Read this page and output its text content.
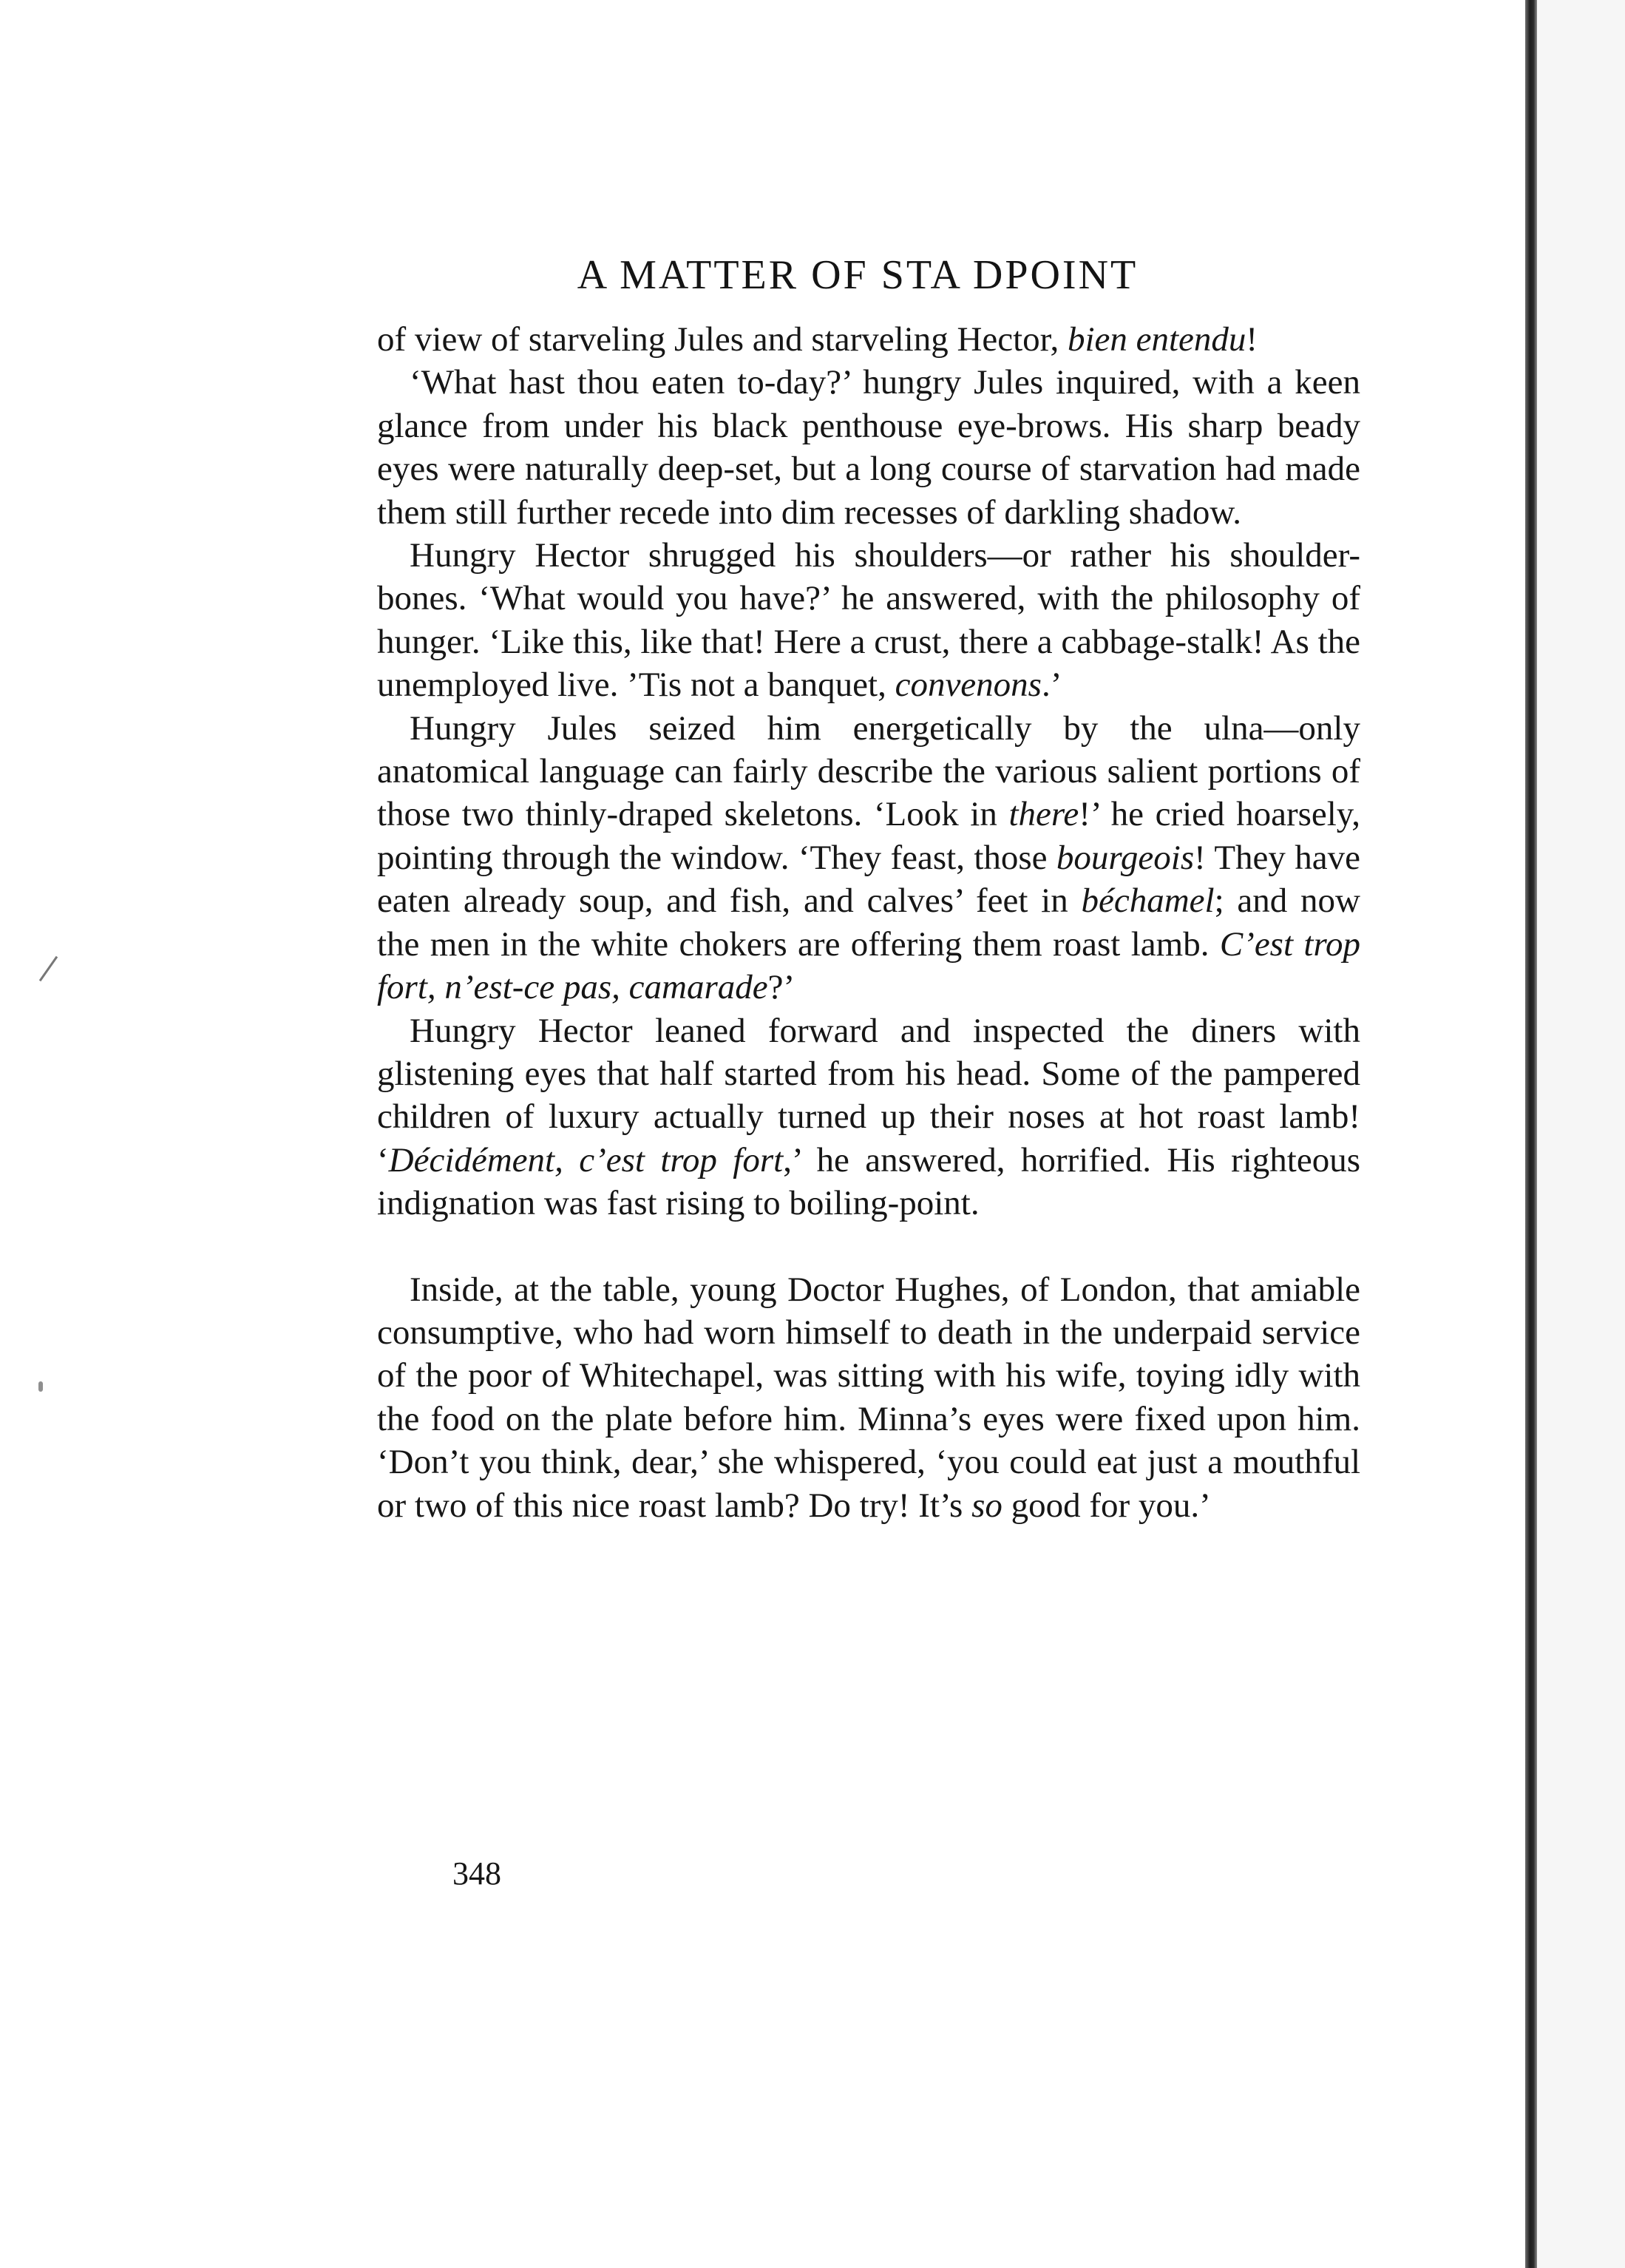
A MATTER OF STA DPOINT

of view of starveling Jules and starveling Hector, bien entendu!

‘What hast thou eaten to-day?’ hungry Jules inquired, with a keen glance from under his black penthouse eye-brows. His sharp beady eyes were naturally deep-set, but a long course of starvation had made them still further recede into dim recesses of darkling shadow.

Hungry Hector shrugged his shoulders—or rather his shoulder-bones. ‘What would you have?’ he answered, with the philosophy of hunger. ‘Like this, like that! Here a crust, there a cabbage-stalk! As the unemployed live. ’Tis not a banquet, convenons.’

Hungry Jules seized him energetically by the ulna—only anatomical language can fairly describe the various salient portions of those two thinly-draped skeletons. ‘Look in there!’ he cried hoarsely, pointing through the window. ‘They feast, those bourgeois! They have eaten already soup, and fish, and calves’ feet in béchamel; and now the men in the white chokers are offering them roast lamb. C’est trop fort, n’est-ce pas, camarade?’

Hungry Hector leaned forward and inspected the diners with glistening eyes that half started from his head. Some of the pampered children of luxury actually turned up their noses at hot roast lamb! ‘Décidément, c’est trop fort,’ he answered, horrified. His righteous indignation was fast rising to boiling-point.

Inside, at the table, young Doctor Hughes, of London, that amiable consumptive, who had worn himself to death in the underpaid service of the poor of Whitechapel, was sitting with his wife, toying idly with the food on the plate before him. Minna’s eyes were fixed upon him. ‘Don’t you think, dear,’ she whispered, ‘you could eat just a mouthful or two of this nice roast lamb? Do try! It’s so good for you.’

348
